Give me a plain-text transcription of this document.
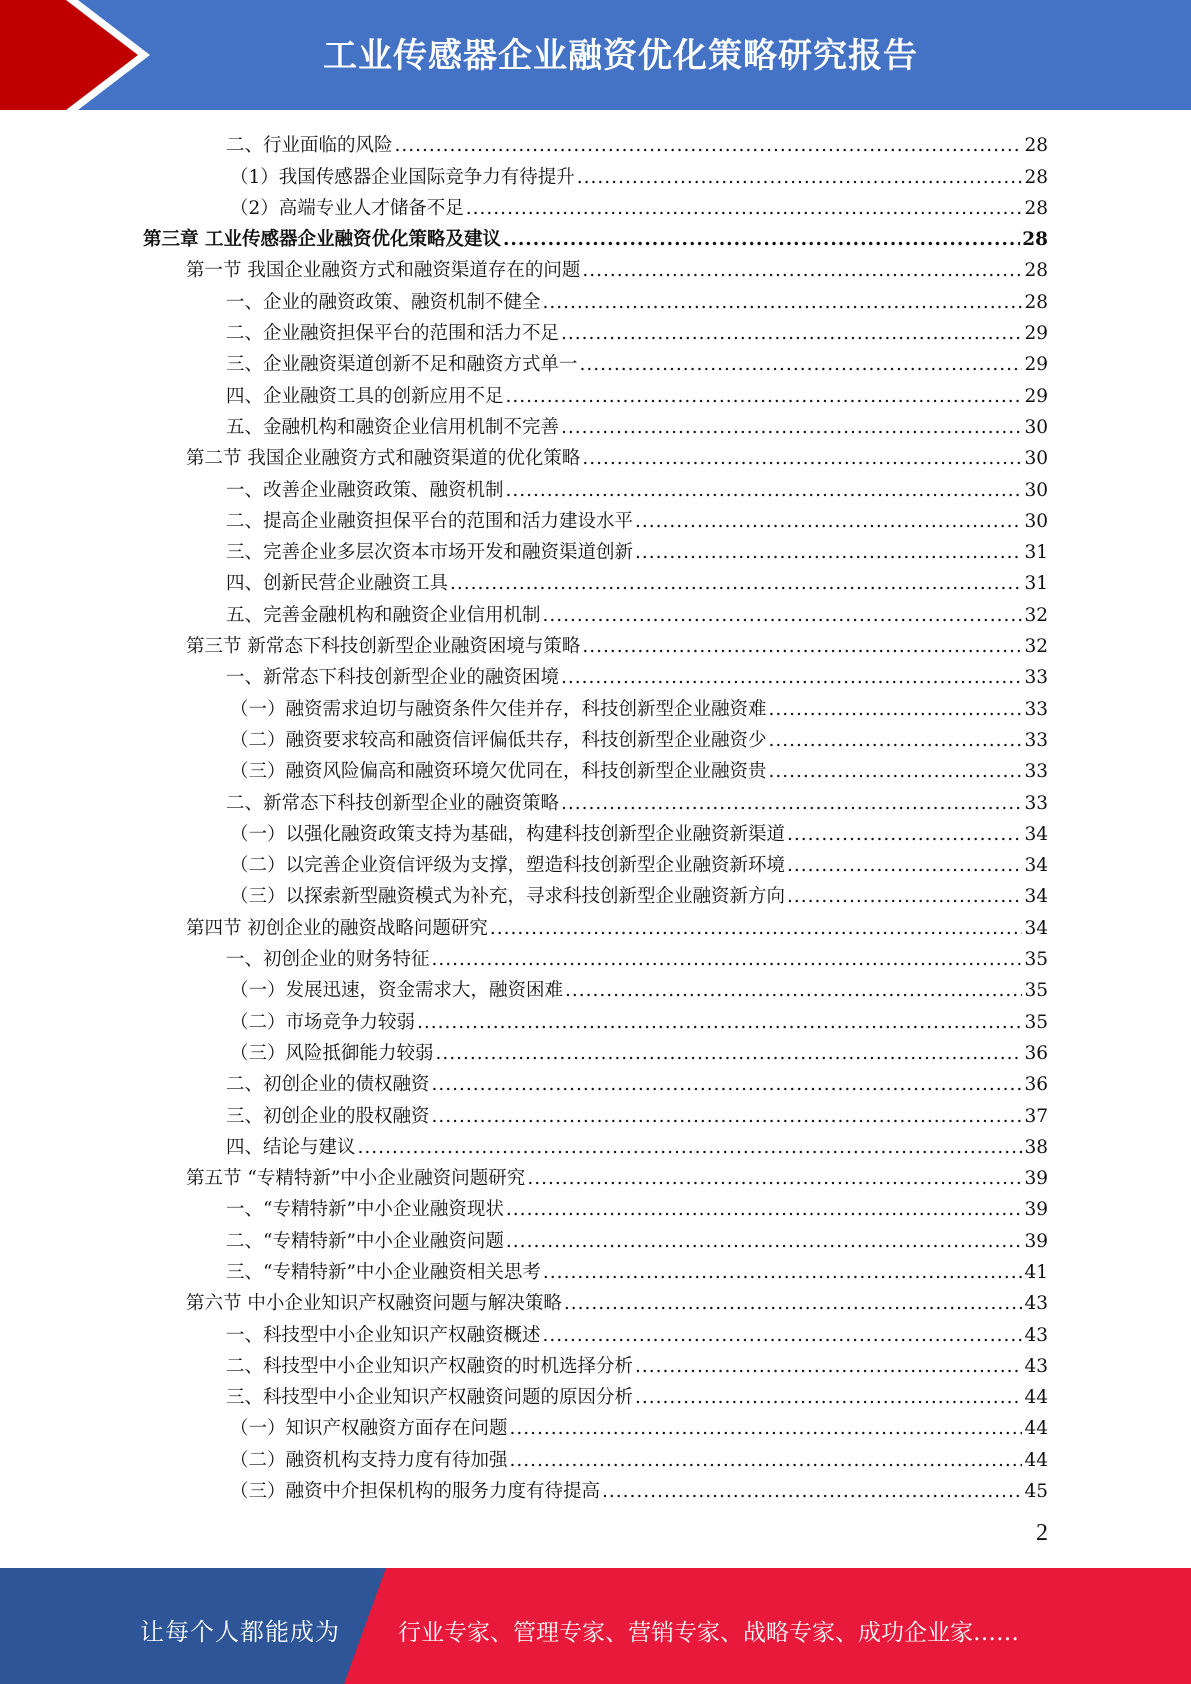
工业传感器企业融资优化策略研究报告
二、行业面临的风险 .....	28
（1）我国传感器企业国际竞争力有待提升 .....	28
（2）高端专业人才储备不足 .....	28
第三章 工业传感器企业融资优化策略及建议 .....	28
第一节 我国企业融资方式和融资渠道存在的问题 .....	28
一、企业的融资政策、融资机制不健全 .....	28
二、企业融资担保平台的范围和活力不足 .....	29
三、企业融资渠道创新不足和融资方式单一 .....	29
四、企业融资工具的创新应用不足 .....	29
五、金融机构和融资企业信用机制不完善 .....	30
第二节 我国企业融资方式和融资渠道的优化策略 .....	30
一、改善企业融资政策、融资机制 .....	30
二、提高企业融资担保平台的范围和活力建设水平 .....	30
三、完善企业多层次资本市场开发和融资渠道创新 .....	31
四、创新民营企业融资工具 .....	31
五、完善金融机构和融资企业信用机制 .....	32
第三节 新常态下科技创新型企业融资困境与策略 .....	32
一、新常态下科技创新型企业的融资困境 .....	33
（一）融资需求迫切与融资条件欠佳并存，科技创新型企业融资难 .....	33
（二）融资要求较高和融资信评偏低共存，科技创新型企业融资少 .....	33
（三）融资风险偏高和融资环境欠优同在，科技创新型企业融资贵 .....	33
二、新常态下科技创新型企业的融资策略 .....	33
（一）以强化融资政策支持为基础，构建科技创新型企业融资新渠道 .....	34
（二）以完善企业资信评级为支撑，塑造科技创新型企业融资新环境 .....	34
（三）以探索新型融资模式为补充，寻求科技创新型企业融资新方向 .....	34
第四节 初创企业的融资战略问题研究 .....	34
一、初创企业的财务特征 .....	35
（一）发展迅速，资金需求大，融资困难 .....	35
（二）市场竞争力较弱 .....	35
（三）风险抵御能力较弱 .....	36
二、初创企业的债权融资 .....	36
三、初创企业的股权融资 .....	37
四、结论与建议 .....	38
第五节 “专精特新”中小企业融资问题研究 .....	39
一、“专精特新”中小企业融资现状 .....	39
二、“专精特新”中小企业融资问题 .....	39
三、“专精特新”中小企业融资相关思考 .....	41
第六节 中小企业知识产权融资问题与解决策略 .....	43
一、科技型中小企业知识产权融资概述 .....	43
二、科技型中小企业知识产权融资的时机选择分析 .....	43
三、科技型中小企业知识产权融资问题的原因分析 .....	44
（一）知识产权融资方面存在问题 .....	44
（二）融资机构支持力度有待加强 .....	44
（三）融资中介担保机构的服务力度有待提高 .....	45
2
让每个人都能成为	行业专家、管理专家、营销专家、战略专家、成功企业家……
